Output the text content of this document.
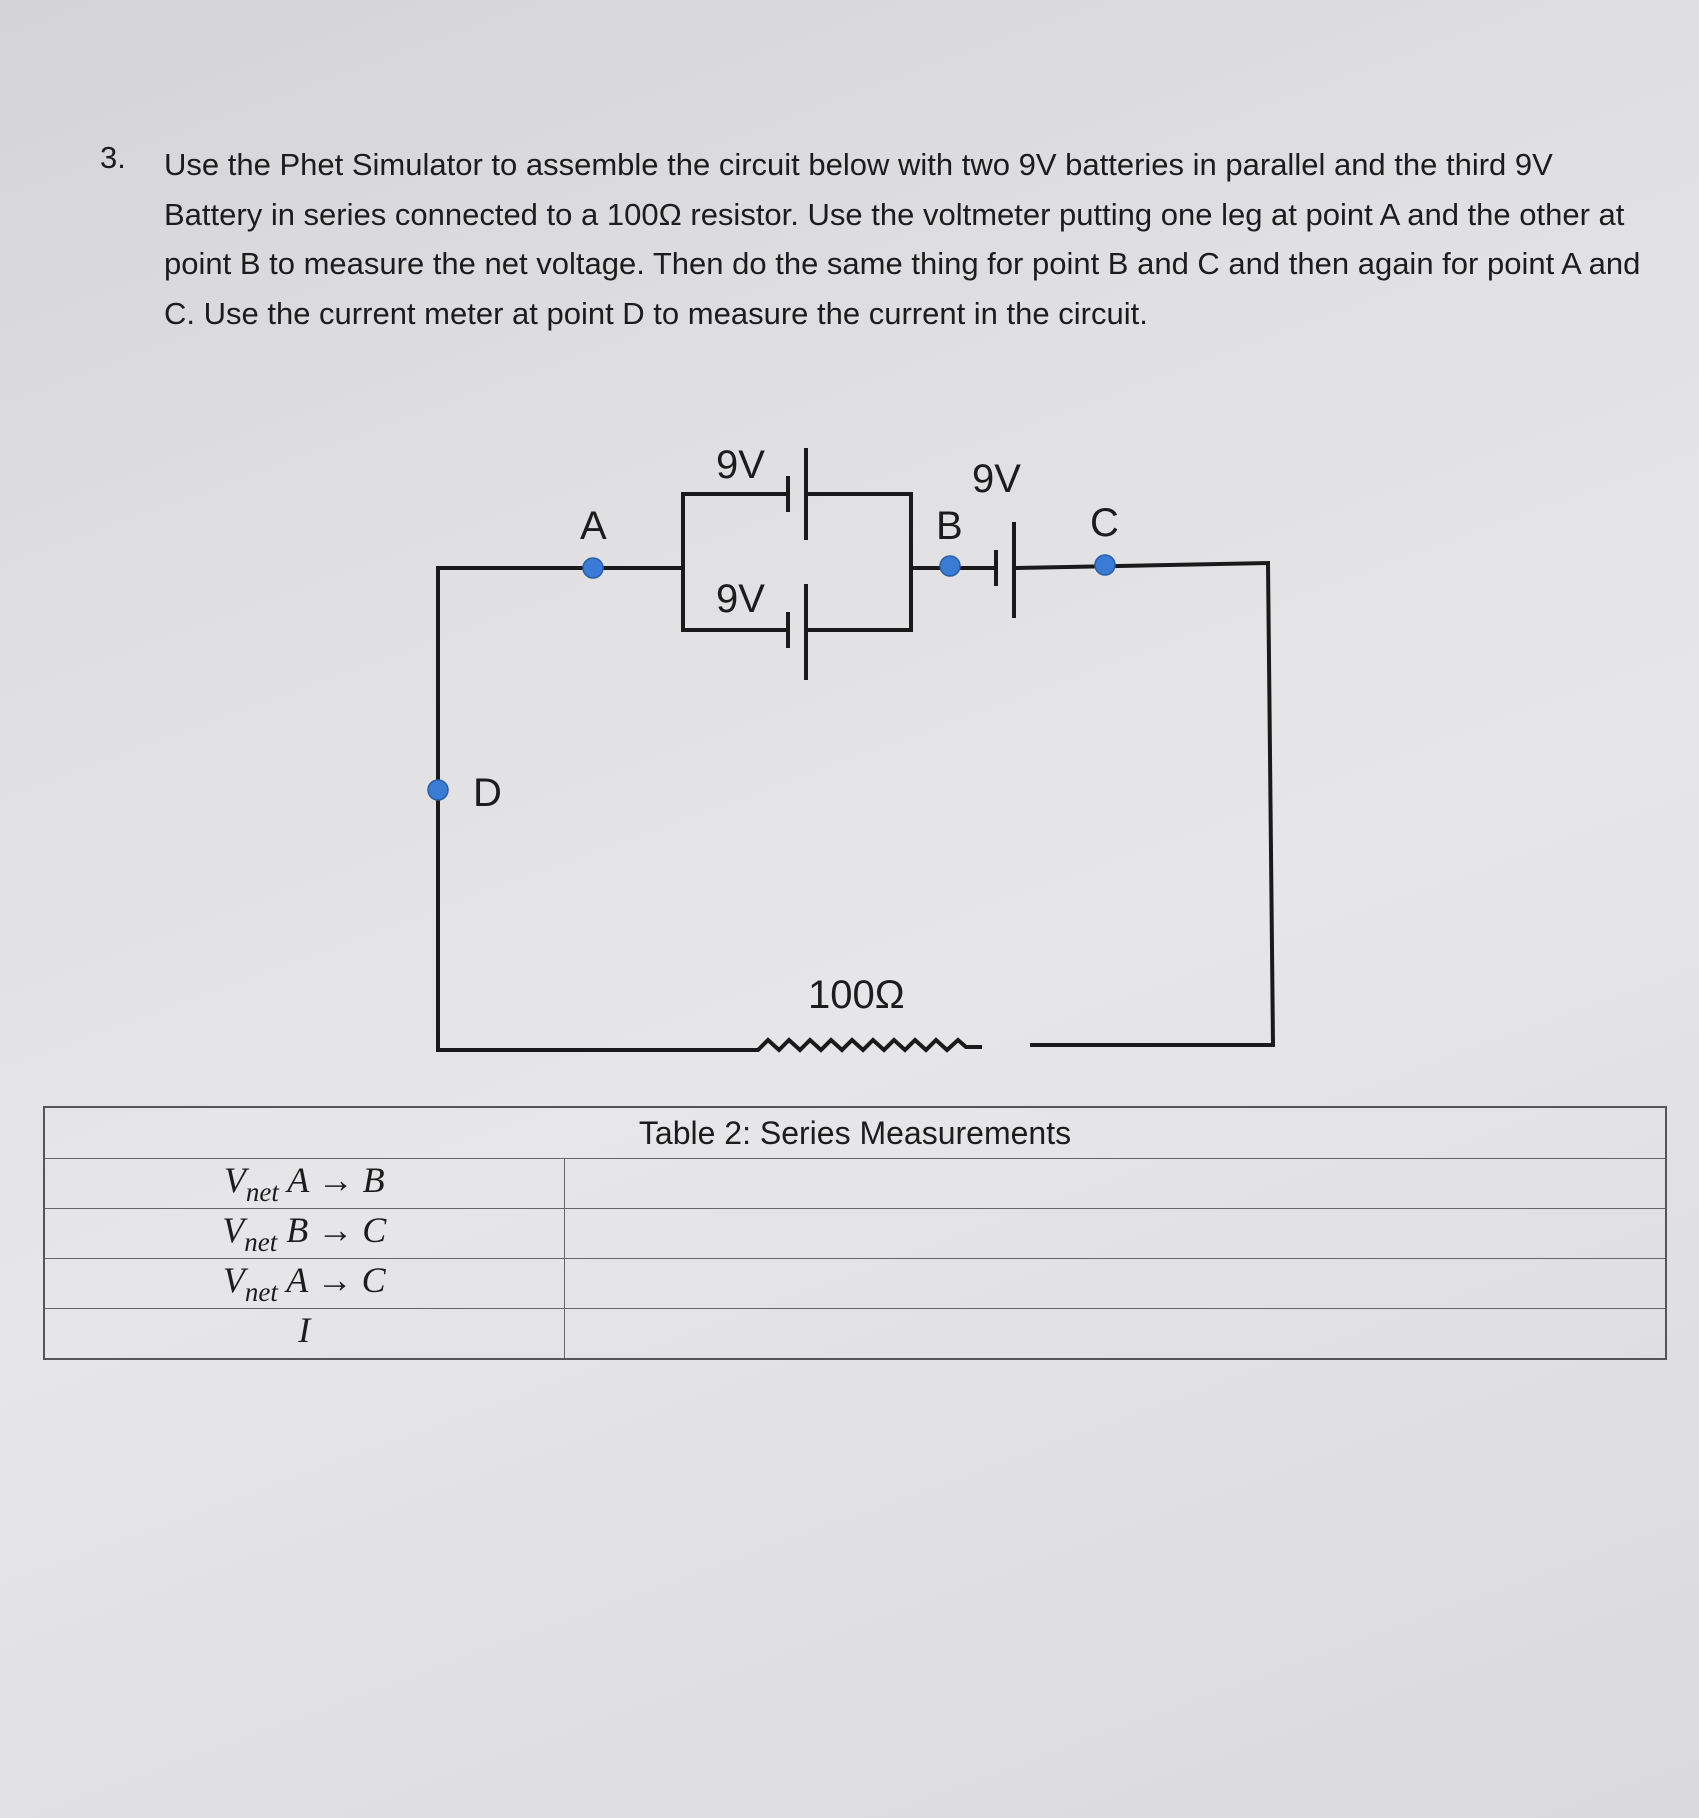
3. Use the Phet Simulator to assemble the circuit below with two 9V batteries in parallel and the third 9V Battery in series connected to a 100Ω resistor. Use the voltmeter putting one leg at point A and the other at point B to measure the net voltage. Then do the same thing for point B and C and then again for point A and C. Use the current meter at point D to measure the current in the circuit.

9V
9V
9V
A	B	C
D
100Ω
Table 2: Series Measurements	
$V_{net}$ A → B	
$V_{net}$ B → C	
$V_{net}$ A → C	
I	
